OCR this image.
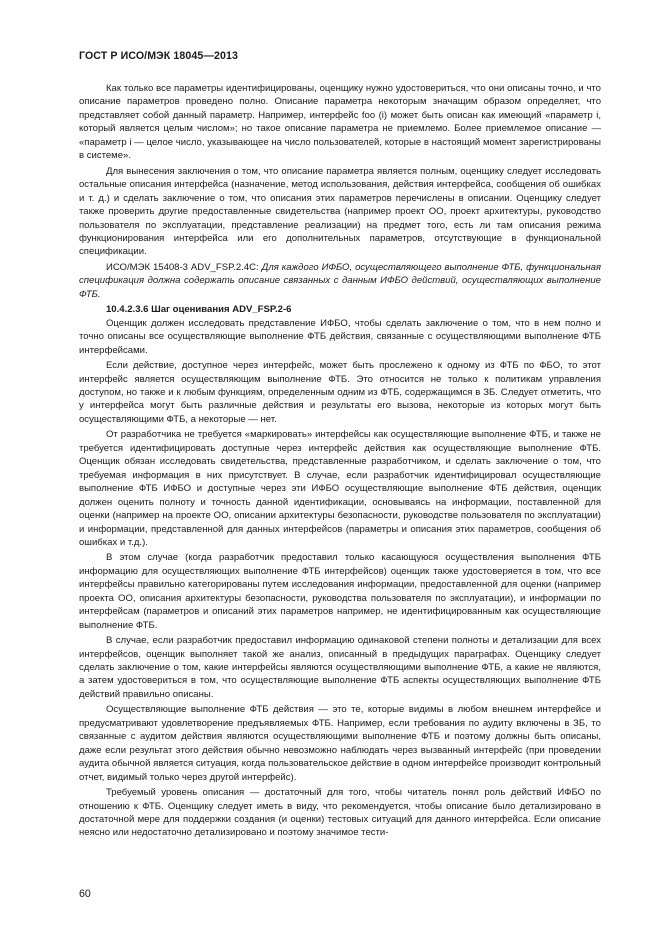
ГОСТ Р ИСО/МЭК 18045—2013

Как только все параметры идентифицированы, оценщику нужно удостовериться, что они описаны точно, и что описание параметров проведено полно. Описание параметра некоторым значащим образом определяет, что представляет собой данный параметр. Например, интерфейс foo (i) может быть описан как имеющий «параметр i, который является целым числом»; но такое описание параметра не приемлемо. Более приемлемое описание — «параметр i — целое число, указывающее на число пользователей, которые в настоящий момент зарегистрированы в системе».

Для вынесения заключения о том, что описание параметра является полным, оценщику следует исследовать остальные описания интерфейса (назначение, метод использования, действия интерфейса, сообщения об ошибках и т. д.) и сделать заключение о том, что описания этих параметров перечислены в описании. Оценщику следует также проверить другие предоставленные свидетельства (например проект ОО, проект архитектуры, руководство пользователя по эксплуатации, представление реализации) на предмет того, есть ли там описания режима функционирования интерфейса или его дополнительных параметров, отсутствующие в функциональной спецификации.

ИСО/МЭК 15408-3 ADV_FSP.2.4C: Для каждого ИФБО, осуществляющего выполнение ФТБ, функциональная спецификация должна содержать описание связанных с данным ИФБО действий, осуществляющих выполнение ФТБ.

10.4.2.3.6 Шаг оценивания ADV_FSP.2-6

Оценщик должен исследовать представление ИФБО, чтобы сделать заключение о том, что в нем полно и точно описаны все осуществляющие выполнение ФТБ действия, связанные с осуществляющими выполнение ФТБ интерфейсами.

Если действие, доступное через интерфейс, может быть прослежено к одному из ФТБ по ФБО, то этот интерфейс является осуществляющим выполнение ФТБ. Это относится не только к политикам управления доступом, но также и к любым функциям, определенным одним из ФТБ, содержащимся в ЗБ. Следует отметить, что у интерфейса могут быть различные действия и результаты его вызова, некоторые из которых могут быть осуществляющими ФТБ, а некоторые — нет.

От разработчика не требуется «маркировать» интерфейсы как осуществляющие выполнение ФТБ, и также не требуется идентифицировать доступные через интерфейс действия как осуществляющие выполнение ФТБ. Оценщик обязан исследовать свидетельства, представленные разработчиком, и сделать заключение о том, что требуемая информация в них присутствует. В случае, если разработчик идентифицировал осуществляющие выполнение ФТБ ИФБО и доступные через эти ИФБО осуществляющие выполнение ФТБ действия, оценщик должен оценить полноту и точность данной идентификации, основываясь на информации, поставленной для оценки (например на проекте ОО, описании архитектуры безопасности, руководстве пользователя по эксплуатации) и информации, представленной для данных интерфейсов (параметры и описания этих параметров, сообщения об ошибках и т.д.).

В этом случае (когда разработчик предоставил только касающуюся осуществления выполнения ФТБ информацию для осуществляющих выполнение ФТБ интерфейсов) оценщик также удостоверяется в том, что все интерфейсы правильно категорированы путем исследования информации, предоставленной для оценки (например проекта ОО, описания архитектуры безопасности, руководства пользователя по эксплуатации), и информации по интерфейсам (параметров и описаний этих параметров например, не идентифицированным как осуществляющие выполнение ФТБ.

В случае, если разработчик предоставил информацию одинаковой степени полноты и детализации для всех интерфейсов, оценщик выполняет такой же анализ, описанный в предыдущих параграфах. Оценщику следует сделать заключение о том, какие интерфейсы являются осуществляющими выполнение ФТБ, а какие не являются, а затем удостовериться в том, что осуществляющие выполнение ФТБ аспекты осуществляющих выполнение ФТБ действий правильно описаны.

Осуществляющие выполнение ФТБ действия — это те, которые видимы в любом внешнем интерфейсе и предусматривают удовлетворение предъявляемых ФТБ. Например, если требования по аудиту включены в ЗБ, то связанные с аудитом действия являются осуществляющими выполнение ФТБ и поэтому должны быть описаны, даже если результат этого действия обычно невозможно наблюдать через вызванный интерфейс (при проведении аудита обычной является ситуация, когда пользовательское действие в одном интерфейсе производит контрольный отчет, видимый только через другой интерфейс).

Требуемый уровень описания — достаточный для того, чтобы читатель понял роль действий ИФБО по отношению к ФТБ. Оценщику следует иметь в виду, что рекомендуется, чтобы описание было детализировано в достаточной мере для поддержки создания (и оценки) тестовых ситуаций для данного интерфейса. Если описание неясно или недостаточно детализировано и поэтому значимое тести-

60
